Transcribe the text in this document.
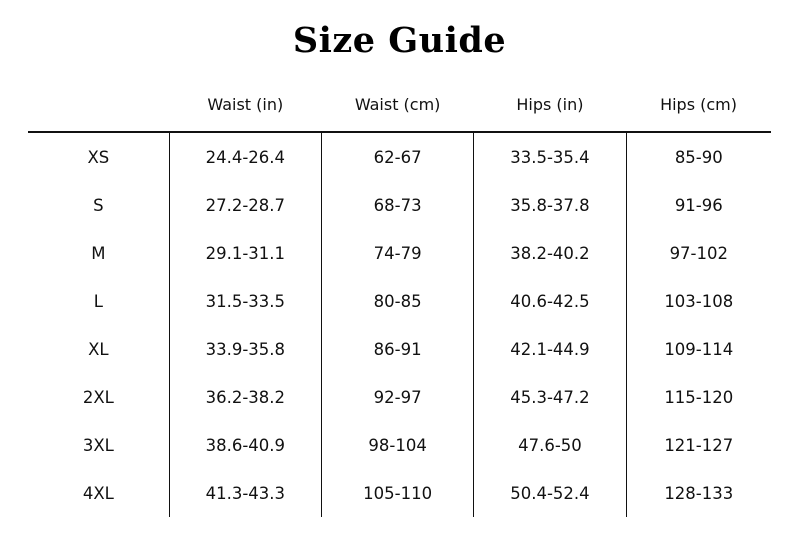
Size Guide
	Waist (in)	Waist (cm)	Hips (in)	Hips (cm)
XS	24.4-26.4	62-67	33.5-35.4	85-90
S	27.2-28.7	68-73	35.8-37.8	91-96
M	29.1-31.1	74-79	38.2-40.2	97-102
L	31.5-33.5	80-85	40.6-42.5	103-108
XL	33.9-35.8	86-91	42.1-44.9	109-114
2XL	36.2-38.2	92-97	45.3-47.2	115-120
3XL	38.6-40.9	98-104	47.6-50	121-127
4XL	41.3-43.3	105-110	50.4-52.4	128-133
